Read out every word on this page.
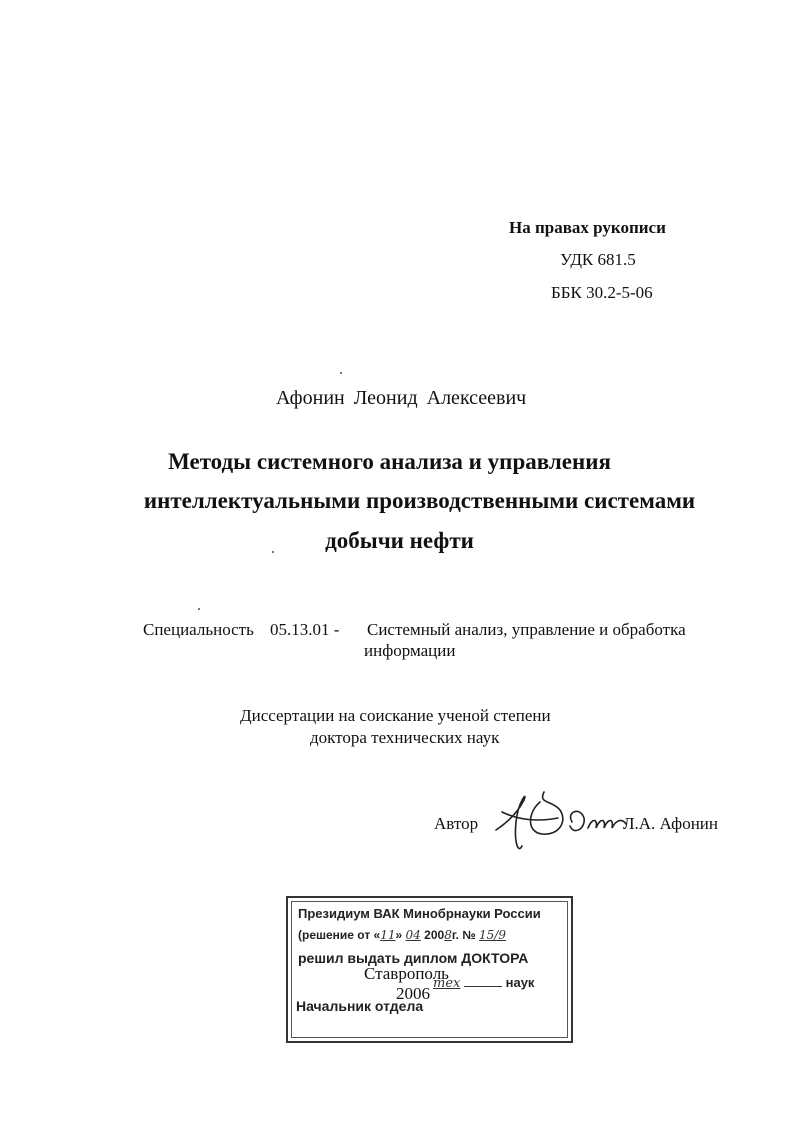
На правах рукописи
УДК 681.5
ББК 30.2-5-06
Афонин Леонид Алексеевич
Методы системного анализа и управления
интеллектуальными производственными системами
добычи нефти
Специальность 05.13.01 - Системный анализ, управление и обработка
информации
Диссертации на соискание ученой степени
доктора технических наук
Автор	Л.А. Афонин
Президиум ВАК Минобрнауки России
(решение от «11» 04 2008г. № 15/9
решил выдать диплом ДОКТОРА
тех	наук
Начальник отдела
Ставрополь
2006
